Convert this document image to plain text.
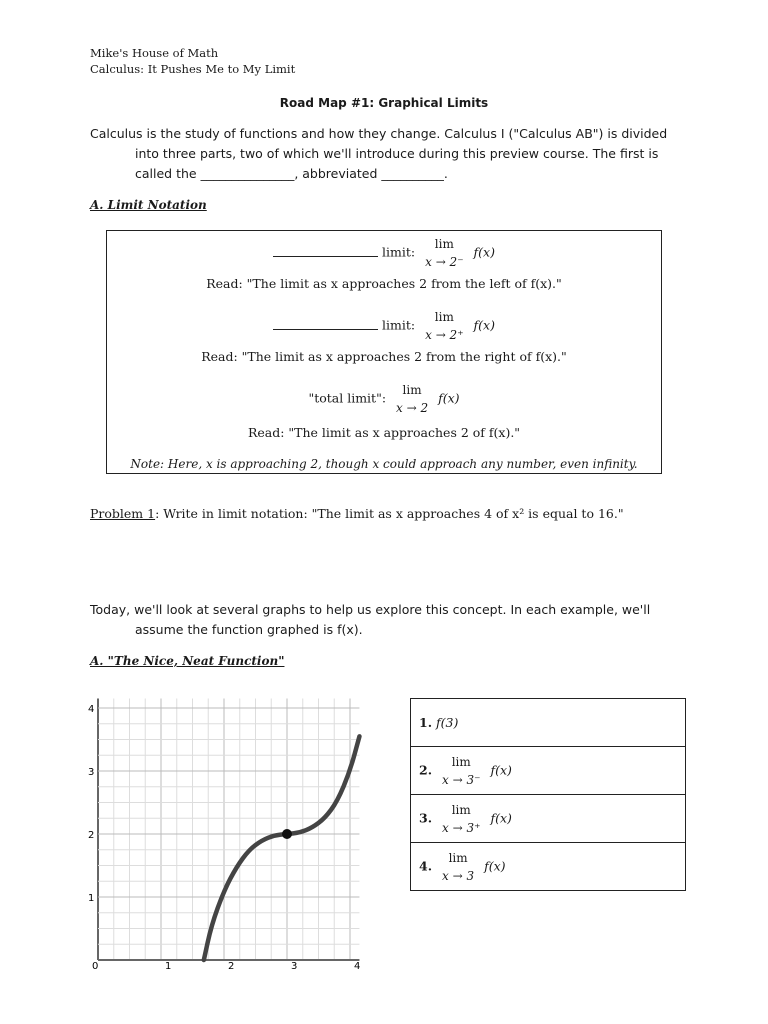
Mike's House of Math
Calculus: It Pushes Me to My Limit
Road Map #1: Graphical Limits
Calculus is the study of functions and how they change. Calculus I ("Calculus AB") is divided
into three parts, two of which we'll introduce during this preview course. The first is
called the _______________, abbreviated __________.
A. Limit Notation
limit:
lim
x → 2⁻ f(x)
Read: "The limit as x approaches 2 from the left of f(x)."
limit:
lim
x → 2⁺ f(x)
Read: "The limit as x approaches 2 from the right of f(x)."
"total limit":
lim
x → 2 f(x)
Read: "The limit as x approaches 2 of f(x)."
Note: Here, x is approaching 2, though x could approach any number, even infinity.
Problem 1: Write in limit notation: "The limit as x approaches 4 of x² is equal to 16."
Today, we'll look at several graphs to help us explore this concept. In each example, we'll
assume the function graphed is f(x).
A. "The Nice, Neat Function"
0	1	2	3	4
1
2
3
4
1. f(3)
2.
lim
x → 3⁻ f(x)
3.
lim
x → 3⁺ f(x)
4.
lim
x → 3 f(x)
